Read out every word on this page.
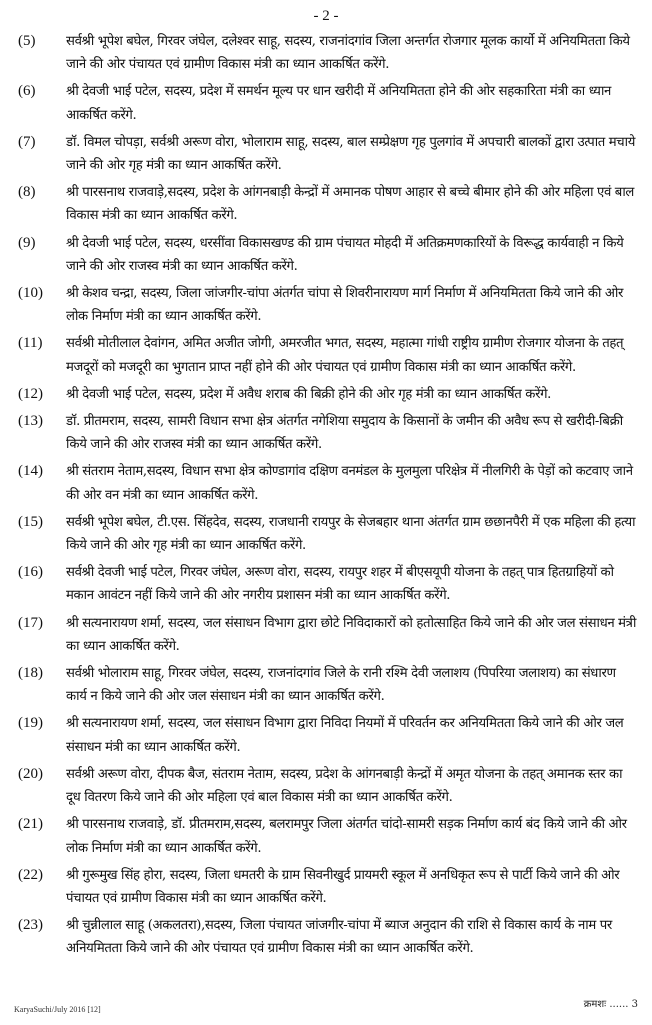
- 2 -
(5) सर्वश्री भूपेश बघेल, गिरवर जंघेल, दलेश्वर साहू, सदस्य, राजनांदगांव जिला अन्तर्गत रोजगार मूलक कार्यो में अनियमितता किये जाने की ओर पंचायत एवं ग्रामीण विकास मंत्री का ध्यान आकर्षित करेंगे.
(6) श्री देवजी भाई पटेल, सदस्य, प्रदेश में समर्थन मूल्य पर धान खरीदी में अनियमितता होने की ओर सहकारिता मंत्री का ध्यान आकर्षित करेंगे.
(7) डॉ. विमल चोपड़ा, सर्वश्री अरूण वोरा, भोलाराम साहू, सदस्य, बाल सम्प्रेक्षण गृह पुलगांव में अपचारी बालकों द्वारा उत्पात मचाये जाने की ओर गृह मंत्री का ध्यान आकर्षित करेंगे.
(8) श्री पारसनाथ राजवाड़े,सदस्य, प्रदेश के आंगनबाड़ी केन्द्रों में अमानक पोषण आहार से बच्चे बीमार होने की ओर महिला एवं बाल विकास मंत्री का ध्यान आकर्षित करेंगे.
(9) श्री देवजी भाई पटेल, सदस्य, धरसींवा विकासखण्ड की ग्राम पंचायत मोहदी में अतिक्रमणकारियों के विरूद्ध कार्यवाही न किये जाने की ओर राजस्व मंत्री का ध्यान आकर्षित करेंगे.
(10) श्री केशव चन्द्रा, सदस्य, जिला जांजगीर-चांपा अंतर्गत चांपा से शिवरीनारायण मार्ग निर्माण में अनियमितता किये जाने की ओर लोक निर्माण मंत्री का ध्यान आकर्षित करेंगे.
(11) सर्वश्री मोतीलाल देवांगन, अमित अजीत जोगी, अमरजीत भगत, सदस्य, महात्मा गांधी राष्ट्रीय ग्रामीण रोजगार योजना के तहत् मजदूरों को मजदूरी का भुगतान प्राप्त नहीं होने की ओर पंचायत एवं ग्रामीण विकास मंत्री का ध्यान आकर्षित करेंगे.
(12) श्री देवजी भाई पटेल, सदस्य, प्रदेश में अवैध शराब की बिक्री होने की ओर गृह मंत्री का ध्यान आकर्षित करेंगे.
(13) डॉ. प्रीतमराम, सदस्य, सामरी विधान सभा क्षेत्र अंतर्गत नगेशिया समुदाय के किसानों के जमीन की अवैध रूप से खरीदी-बिक्री किये जाने की ओर राजस्व मंत्री का ध्यान आकर्षित करेंगे.
(14) श्री संतराम नेताम,सदस्य, विधान सभा क्षेत्र कोण्डागांव दक्षिण वनमंडल के मुलमुला परिक्षेत्र में नीलगिरी के पेड़ों को कटवाए जाने की ओर वन मंत्री का ध्यान आकर्षित करेंगे.
(15) सर्वश्री भूपेश बघेल, टी.एस. सिंहदेव, सदस्य, राजधानी रायपुर के सेजबहार थाना अंतर्गत ग्राम छछानपैरी में एक महिला की हत्या किये जाने की ओर गृह मंत्री का ध्यान आकर्षित करेंगे.
(16) सर्वश्री देवजी भाई पटेल, गिरवर जंघेल, अरूण वोरा, सदस्य, रायपुर शहर में बीएसयूपी योजना के तहत् पात्र हितग्राहियों को मकान आवंटन नहीं किये जाने की ओर नगरीय प्रशासन मंत्री का ध्यान आकर्षित करेंगे.
(17) श्री सत्यनारायण शर्मा, सदस्य, जल संसाधन विभाग द्वारा छोटे निविदाकारों को हतोत्साहित किये जाने की ओर जल संसाधन मंत्री का ध्यान आकर्षित करेंगे.
(18) सर्वश्री भोलाराम साहू, गिरवर जंघेल, सदस्य, राजनांदगांव जिले के रानी रश्मि देवी जलाशय (पिपरिया जलाशय) का संधारण कार्य न किये जाने की ओर जल संसाधन मंत्री का ध्यान आकर्षित करेंगे.
(19) श्री सत्यनारायण शर्मा, सदस्य, जल संसाधन विभाग द्वारा निविदा नियमों में परिवर्तन कर अनियमितता किये जाने की ओर जल संसाधन मंत्री का ध्यान आकर्षित करेंगे.
(20) सर्वश्री अरूण वोरा, दीपक बैज, संतराम नेताम, सदस्य, प्रदेश के आंगनबाड़ी केन्द्रों में अमृत योजना के तहत् अमानक स्तर का दूध वितरण किये जाने की ओर महिला एवं बाल विकास मंत्री का ध्यान आकर्षित करेंगे.
(21) श्री पारसनाथ राजवाड़े, डॉ. प्रीतमराम,सदस्य, बलरामपुर जिला अंतर्गत चांदो-सामरी सड़क निर्माण कार्य बंद किये जाने की ओर लोक निर्माण मंत्री का ध्यान आकर्षित करेंगे.
(22) श्री गुरूमुख सिंह होरा, सदस्य, जिला धमतरी के ग्राम सिवनीखुर्द प्रायमरी स्कूल में अनधिकृत रूप से पार्टी किये जाने की ओर पंचायत एवं ग्रामीण विकास मंत्री का ध्यान आकर्षित करेंगे.
(23) श्री चुन्नीलाल साहू (अकलतरा),सदस्य, जिला पंचायत जांजगीर-चांपा में ब्याज अनुदान की राशि से विकास कार्य के नाम पर अनियमितता किये जाने की ओर पंचायत एवं ग्रामीण विकास मंत्री का ध्यान आकर्षित करेंगे.
क्रमशः ...... 3
KaryaSuchi/July 2016 [12]
